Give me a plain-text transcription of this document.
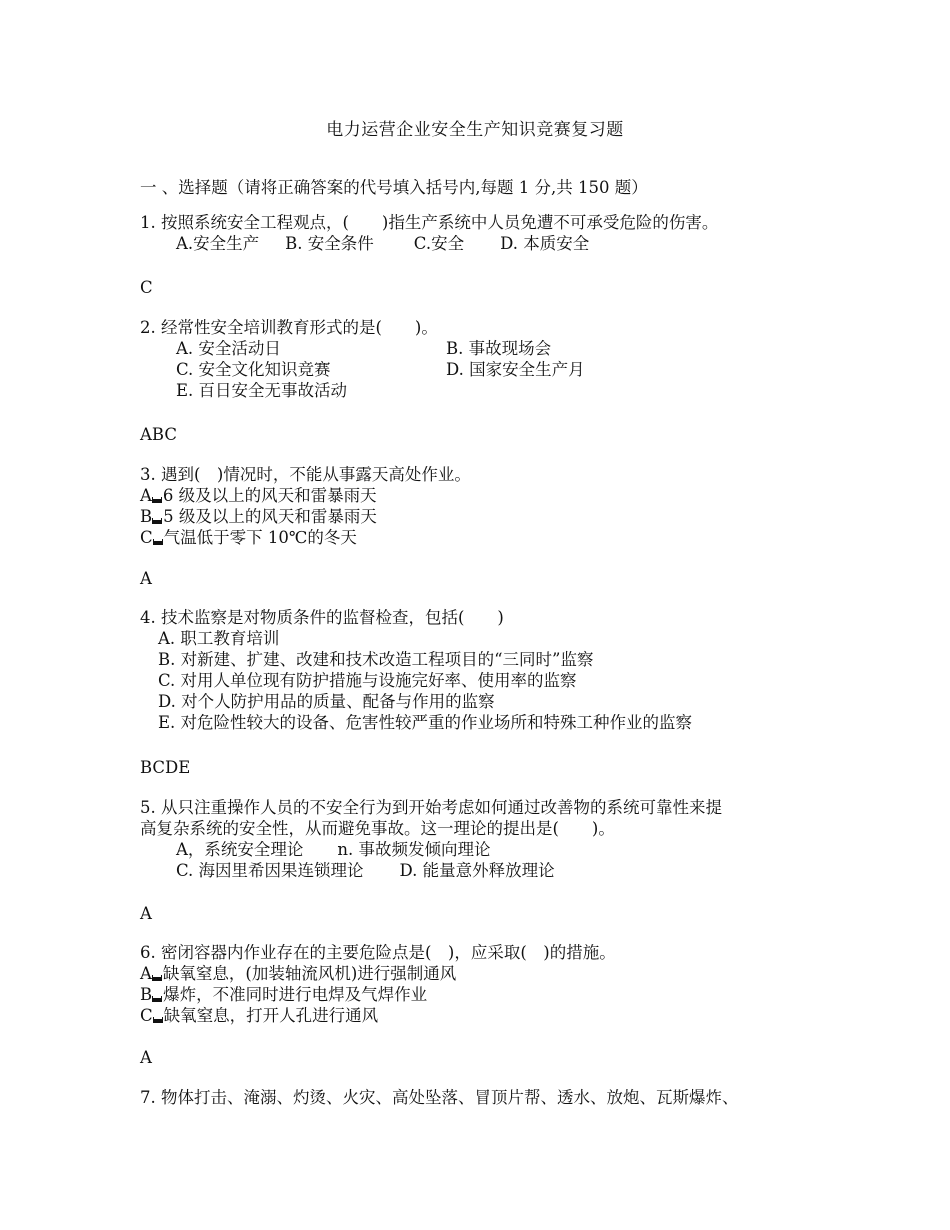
电力运营企业安全生产知识竞赛复习题
一 、选择题（请将正确答案的代号填入括号内,每题 1 分,共 150 题）
1. 按照系统安全工程观点，(　　)指生产系统中人员免遭不可承受危险的伤害。
A.安全生产 B. 安全条件 C.安全 D. 本质安全
C
2. 经常性安全培训教育形式的是(　　)。
A. 安全活动日	B. 事故现场会
C. 安全文化知识竞赛	D. 国家安全生产月
E. 百日安全无事故活动
ABC
3. 遇到(　)情况时，不能从事露天高处作业。
A 6 级及以上的风天和雷暴雨天
B 5 级及以上的风天和雷暴雨天
C 气温低于零下 10℃的冬天
A
4. 技术监察是对物质条件的监督检查，包括(　　)
A. 职工教育培训
B. 对新建、扩建、改建和技术改造工程项目的“三同时”监察
C. 对用人单位现有防护措施与设施完好率、使用率的监察
D. 对个人防护用品的质量、配备与作用的监察
E. 对危险性较大的设备、危害性较严重的作业场所和特殊工种作业的监察
BCDE
5. 从只注重操作人员的不安全行为到开始考虑如何通过改善物的系统可靠性来提
高复杂系统的安全性，从而避免事故。这一理论的提出是(　　)。
A，系统安全理论 n. 事故频发倾向理论
C. 海因里希因果连锁理论 D. 能量意外释放理论
A
6. 密闭容器内作业存在的主要危险点是(　)，应采取(　)的措施。
A 缺氧窒息，(加装轴流风机)进行强制通风
B 爆炸，不准同时进行电焊及气焊作业
C 缺氧窒息，打开人孔进行通风
A
7. 物体打击、淹溺、灼烫、火灾、高处坠落、冒顶片帮、透水、放炮、瓦斯爆炸、
